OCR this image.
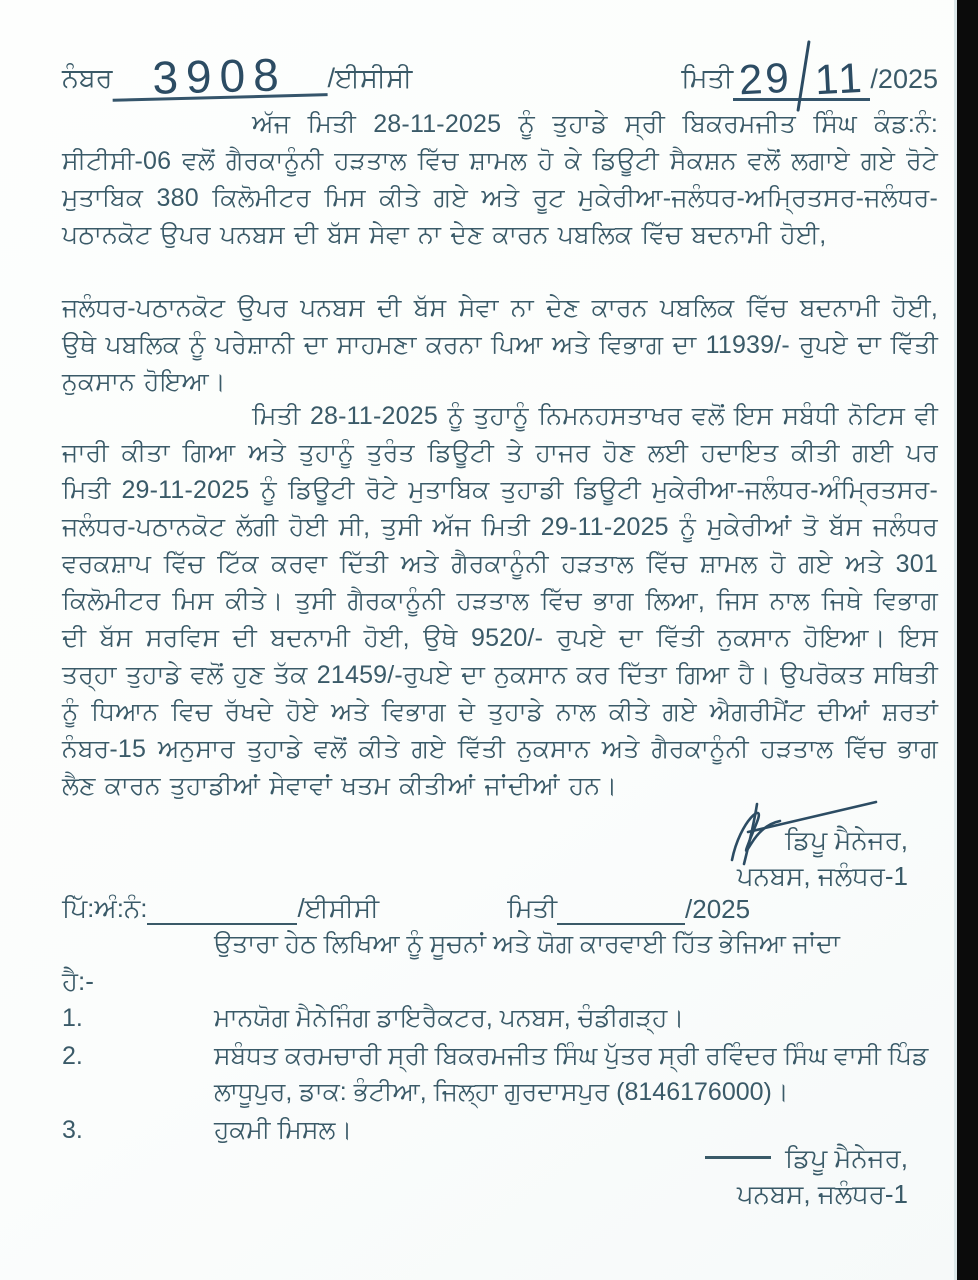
ਨੰਬਰ 3908	/ਈਸੀਸੀ	ਮਿਤੀ 29 11 /2025

ਅੱਜ ਮਿਤੀ 28-11-2025 ਨੂੰ ਤੁਹਾਡੇ ਸ੍ਰੀ ਬਿਕਰਮਜੀਤ ਸਿੰਘ ਕੰਡ:ਨੰ: ਸੀਟੀਸੀ-06 ਵਲੋਂ ਗੈਰਕਾਨੂੰਨੀ ਹੜਤਾਲ ਵਿੱਚ ਸ਼ਾਮਲ ਹੋ ਕੇ ਡਿਊਟੀ ਸੈਕਸ਼ਨ ਵਲੋਂ ਲਗਾਏ ਗਏ ਰੋਟੇ ਮੁਤਾਬਿਕ 380 ਕਿਲੋਮੀਟਰ ਮਿਸ ਕੀਤੇ ਗਏ ਅਤੇ ਰੂਟ ਮੁਕੇਰੀਆ-ਜਲੰਧਰ-ਅਮ੍ਰਿਤਸਰ-ਜਲੰਧਰ-ਪਠਾਨਕੋਟ ਉਪਰ ਪਨਬਸ ਦੀ ਬੱਸ ਸੇਵਾ ਨਾ ਦੇਣ ਕਾਰਨ ਪਬਲਿਕ ਵਿੱਚ ਬਦਨਾਮੀ ਹੋਈ,

ਜਲੰਧਰ-ਪਠਾਨਕੋਟ ਉਪਰ ਪਨਬਸ ਦੀ ਬੱਸ ਸੇਵਾ ਨਾ ਦੇਣ ਕਾਰਨ ਪਬਲਿਕ ਵਿੱਚ ਬਦਨਾਮੀ ਹੋਈ, ਉਥੇ ਪਬਲਿਕ ਨੂੰ ਪਰੇਸ਼ਾਨੀ ਦਾ ਸਾਹਮਣਾ ਕਰਨਾ ਪਿਆ ਅਤੇ ਵਿਭਾਗ ਦਾ 11939/- ਰੁਪਏ ਦਾ ਵਿੱਤੀ ਨੁਕਸਾਨ ਹੋਇਆ।

ਮਿਤੀ 28-11-2025 ਨੂੰ ਤੁਹਾਨੂੰ ਨਿਮਨਹਸਤਾਖਰ ਵਲੋਂ ਇਸ ਸਬੰਧੀ ਨੋਟਿਸ ਵੀ ਜਾਰੀ ਕੀਤਾ ਗਿਆ ਅਤੇ ਤੁਹਾਨੂੰ ਤੁਰੰਤ ਡਿਊਟੀ ਤੇ ਹਾਜਰ ਹੋਣ ਲਈ ਹਦਾਇਤ ਕੀਤੀ ਗਈ ਪਰ ਮਿਤੀ 29-11-2025 ਨੂੰ ਡਿਊਟੀ ਰੋਟੇ ਮੁਤਾਬਿਕ ਤੁਹਾਡੀ ਡਿਊਟੀ ਮੁਕੇਰੀਆ-ਜਲੰਧਰ-ਅੰਮ੍ਰਿਤਸਰ-ਜਲੰਧਰ-ਪਠਾਨਕੋਟ ਲੱਗੀ ਹੋਈ ਸੀ, ਤੁਸੀ ਅੱਜ ਮਿਤੀ 29-11-2025 ਨੂੰ ਮੁਕੇਰੀਆਂ ਤੋ ਬੱਸ ਜਲੰਧਰ ਵਰਕਸ਼ਾਪ ਵਿੱਚ ਟਿੱਕ ਕਰਵਾ ਦਿੱਤੀ ਅਤੇ ਗੈਰਕਾਨੂੰਨੀ ਹੜਤਾਲ ਵਿੱਚ ਸ਼ਾਮਲ ਹੋ ਗਏ ਅਤੇ 301 ਕਿਲੋਮੀਟਰ ਮਿਸ ਕੀਤੇ। ਤੁਸੀ ਗੈਰਕਾਨੂੰਨੀ ਹੜਤਾਲ ਵਿੱਚ ਭਾਗ ਲਿਆ, ਜਿਸ ਨਾਲ ਜਿਥੇ ਵਿਭਾਗ ਦੀ ਬੱਸ ਸਰਵਿਸ ਦੀ ਬਦਨਾਮੀ ਹੋਈ, ਉਥੇ 9520/- ਰੁਪਏ ਦਾ ਵਿੱਤੀ ਨੁਕਸਾਨ ਹੋਇਆ। ਇਸ ਤਰ੍ਹਾ ਤੁਹਾਡੇ ਵਲੋਂ ਹੁਣ ਤੱਕ 21459/-ਰੁਪਏ ਦਾ ਨੁਕਸਾਨ ਕਰ ਦਿੱਤਾ ਗਿਆ ਹੈ। ਉਪਰੋਕਤ ਸਥਿਤੀ ਨੂੰ ਧਿਆਨ ਵਿਚ ਰੱਖਦੇ ਹੋਏ ਅਤੇ ਵਿਭਾਗ ਦੇ ਤੁਹਾਡੇ ਨਾਲ ਕੀਤੇ ਗਏ ਐਗਰੀਮੈਂਟ ਦੀਆਂ ਸ਼ਰਤਾਂ ਨੰਬਰ-15 ਅਨੁਸਾਰ ਤੁਹਾਡੇ ਵਲੋਂ ਕੀਤੇ ਗਏ ਵਿੱਤੀ ਨੁਕਸਾਨ ਅਤੇ ਗੈਰਕਾਨੂੰਨੀ ਹੜਤਾਲ ਵਿੱਚ ਭਾਗ ਲੈਣ ਕਾਰਨ ਤੁਹਾਡੀਆਂ ਸੇਵਾਵਾਂ ਖਤਮ ਕੀਤੀਆਂ ਜਾਂਦੀਆਂ ਹਨ।

ਡਿਪੂ ਮੈਨੇਜਰ,
ਪਨਬਸ, ਜਲੰਧਰ-1
ਪਿੱ:ਅੰ:ਨੰ:	/ਈਸੀਸੀ	ਮਿਤੀ	/2025
ਉਤਾਰਾ ਹੇਠ ਲਿਖਿਆ ਨੂੰ ਸੂਚਨਾਂ ਅਤੇ ਯੋਗ ਕਾਰਵਾਈ ਹਿੱਤ ਭੇਜਿਆ ਜਾਂਦਾ
ਹੈ:-
1.	ਮਾਨਯੋਗ ਮੈਨੇਜਿੰਗ ਡਾਇਰੈਕਟਰ, ਪਨਬਸ, ਚੰਡੀਗੜ੍ਹ।
2.	ਸਬੰਧਤ ਕਰਮਚਾਰੀ ਸ੍ਰੀ ਬਿਕਰਮਜੀਤ ਸਿੰਘ ਪੁੱਤਰ ਸ੍ਰੀ ਰਵਿੰਦਰ ਸਿੰਘ ਵਾਸੀ ਪਿੰਡ ਲਾਧੂਪੁਰ, ਡਾਕ: ਭੰਟੀਆ, ਜਿਲ੍ਹਾ ਗੁਰਦਾਸਪੁਰ (8146176000)।
3.	ਹੁਕਮੀ ਮਿਸਲ।
ਡਿਪੂ ਮੈਨੇਜਰ,
ਪਨਬਸ, ਜਲੰਧਰ-1
